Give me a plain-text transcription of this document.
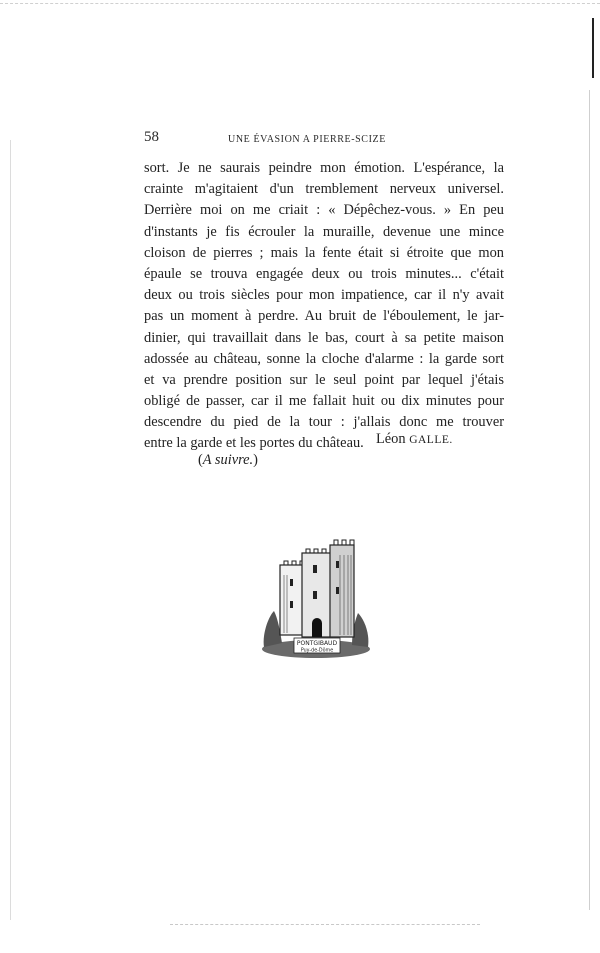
58	UNE ÉVASION A PIERRE-SCIZE
sort. Je ne saurais peindre mon émotion. L'espérance, la
crainte m'agitaient d'un tremblement nerveux universel.
Derrière moi on me criait : « Dépêchez-vous. » En peu
d'instants je fis écrouler la muraille, devenue une mince
cloison de pierres ; mais la fente était si étroite que mon
épaule se trouva engagée deux ou trois minutes... c'était
deux ou trois siècles pour mon impatience, car il n'y avait
pas un moment à perdre. Au bruit de l'éboulement, le jar-
dinier, qui travaillait dans le bas, court à sa petite maison
adossée au château, sonne la cloche d'alarme : la garde sort
et va prendre position sur le seul point par lequel j'étais
obligé de passer, car il me fallait huit ou dix minutes pour
descendre du pied de la tour : j'allais donc me trouver
entre la garde et les portes du château. Léon GALLE.
(A suivre.)
PONTGIBAUD
Puy-de-Dôme
